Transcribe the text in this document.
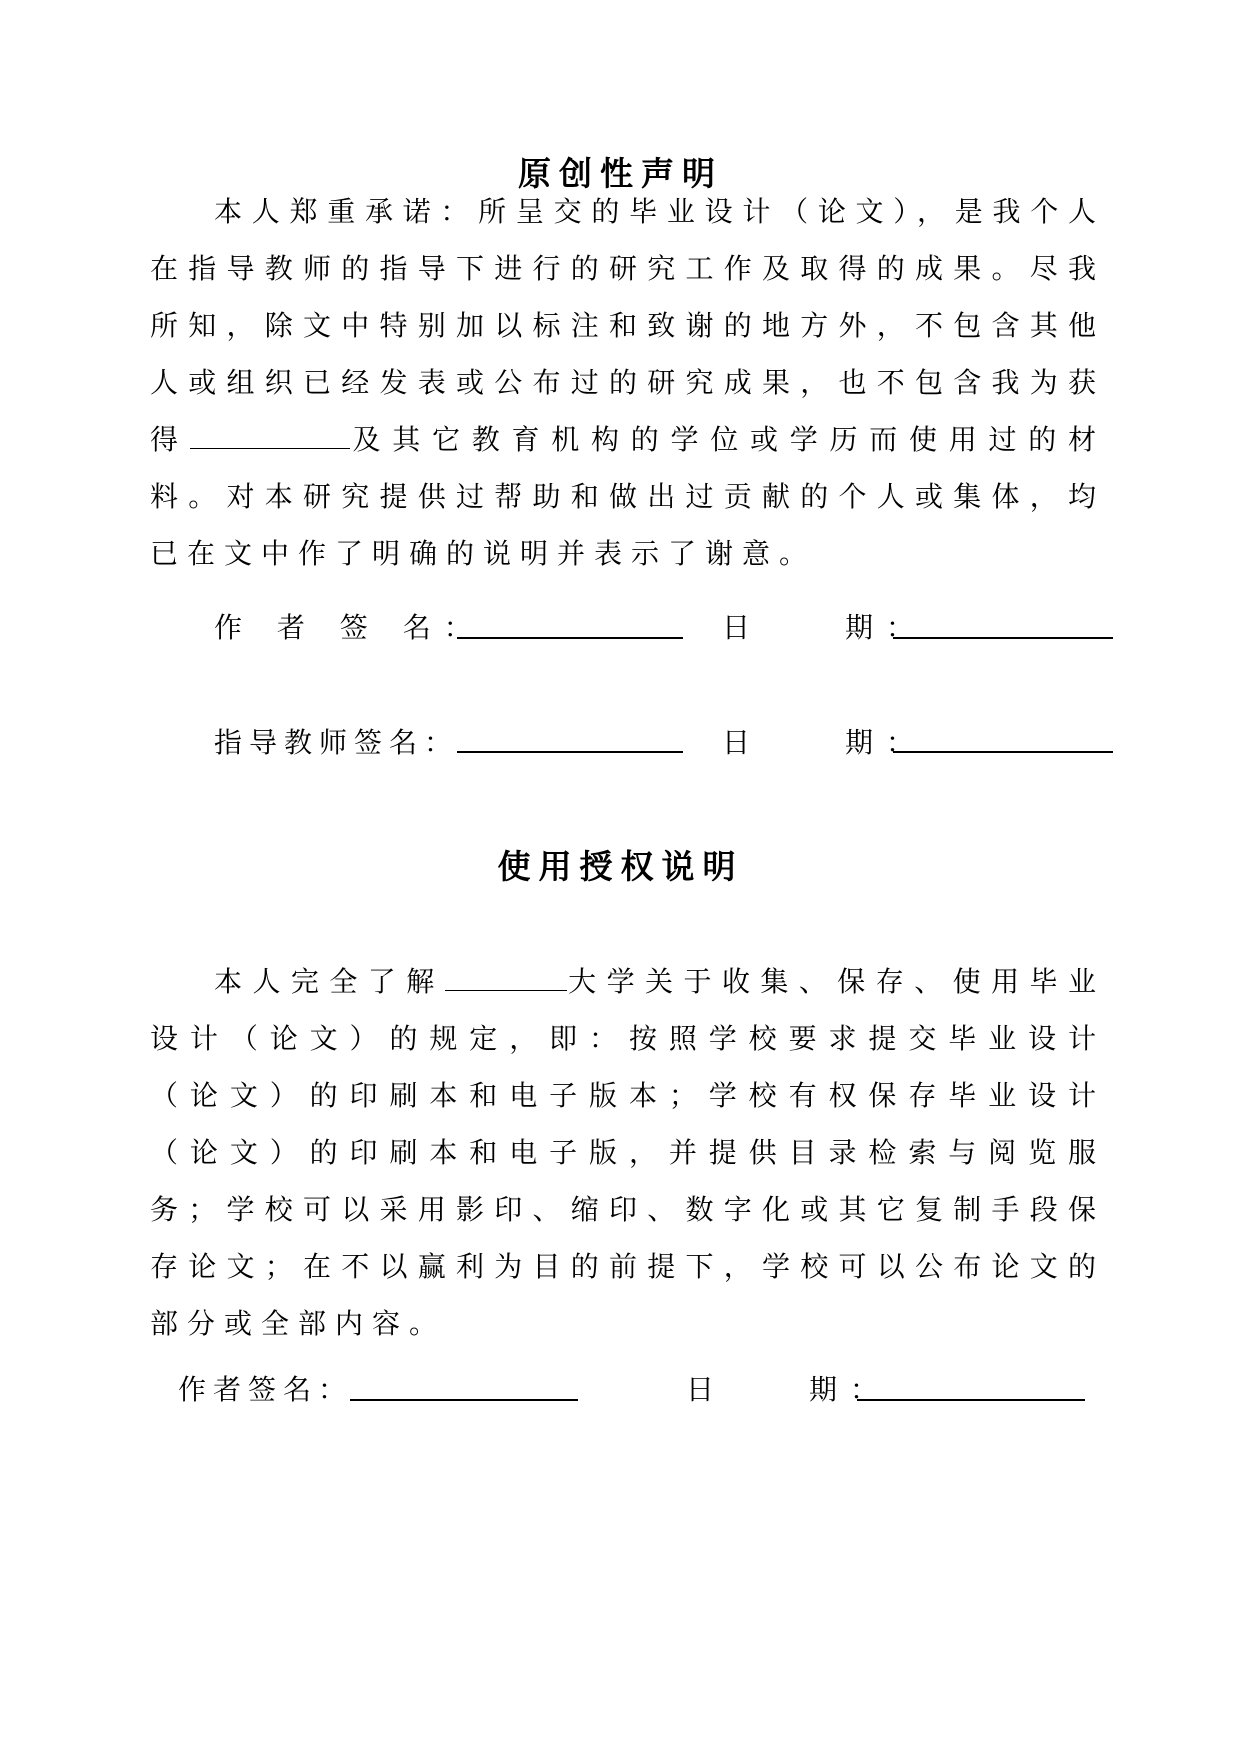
原创性声明

本人郑重承诺：所呈交的毕业设计（论文），是我个人在指导教师的指导下进行的研究工作及取得的成果。尽我所知，除文中特别加以标注和致谢的地方外，不包含其他人或组织已经发表或公布过的研究成果，也不包含我为获得	及其它教育机构的学位或学历而使用过的材料。对本研究提供过帮助和做出过贡献的个人或集体，均已在文中作了明确的说明并表示了谢意。

作 者 签 名：	日　　期：
指导教师签名：	日　　期：
使用授权说明

本人完全了解	大学关于收集、保存、使用毕业设计（论文）的规定，即：按照学校要求提交毕业设计（论文）的印刷本和电子版本；学校有权保存毕业设计（论文）的印刷本和电子版，并提供目录检索与阅览服务；学校可以采用影印、缩印、数字化或其它复制手段保存论文；在不以赢利为目的前提下，学校可以公布论文的部分或全部内容。

作者签名：	日　　期：
